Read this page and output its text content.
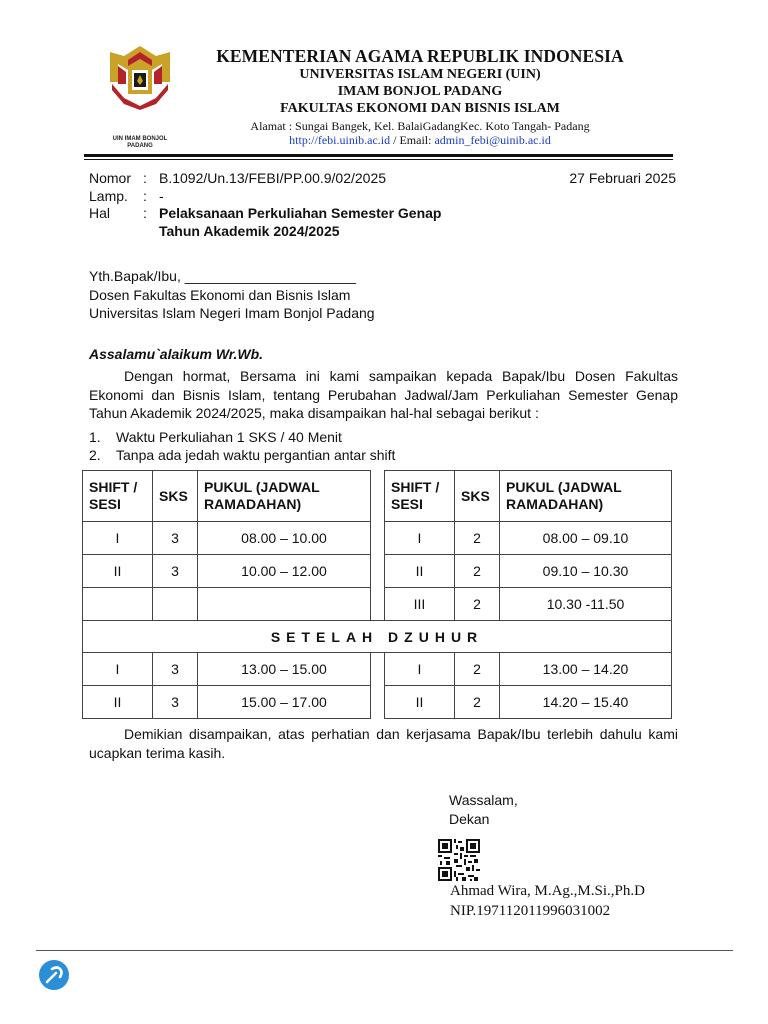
UIN IMAM BONJOL PADANG
KEMENTERIAN AGAMA REPUBLIK INDONESIA
UNIVERSITAS ISLAM NEGERI (UIN)
IMAM BONJOL PADANG
FAKULTAS EKONOMI DAN BISNIS ISLAM
Alamat : Sungai Bangek, Kel. BalaiGadangKec. Koto Tangah- Padang
http://febi.uinib.ac.id / Email: admin_febi@uinib.ac.id
Nomor : B.1092/Un.13/FEBI/PP.00.9/02/2025
Lamp.	: -
Hal	: Pelaksanaan Perkuliahan Semester Genap
Tahun Akademik 2024/2025
27 Februari 2025
Yth.Bapak/Ibu, ______________________
Dosen Fakultas Ekonomi dan Bisnis Islam
Universitas Islam Negeri Imam Bonjol Padang
Assalamu`alaikum Wr.Wb.
Dengan hormat, Bersama ini kami sampaikan kepada Bapak/Ibu Dosen Fakultas Ekonomi dan Bisnis Islam, tentang Perubahan Jadwal/Jam Perkuliahan Semester Genap Tahun Akademik 2024/2025, maka disampaikan hal-hal sebagai berikut :
1.	Waktu Perkuliahan 1 SKS / 40 Menit
2.	Tanpa ada jedah waktu pergantian antar shift
SHIFT / SESI	SKS	PUKUL (JADWAL RAMADAHAN)		SHIFT / SESI	SKS	PUKUL (JADWAL RAMADAHAN)
I	3	08.00 – 10.00		I	2	08.00 – 09.10
II	3	10.00 – 12.00		II	2	09.10 – 10.30
				III	2	10.30 -11.50
SETELAH DZUHUR						
I	3	13.00 – 15.00		I	2	13.00 – 14.20
II	3	15.00 – 17.00		II	2	14.20 – 15.40
Demikian disampaikan, atas perhatian dan kerjasama Bapak/Ibu terlebih dahulu kami ucapkan terima kasih.
Wassalam,
Dekan
Ahmad Wira, M.Ag.,M.Si.,Ph.D
NIP.197112011996031002
